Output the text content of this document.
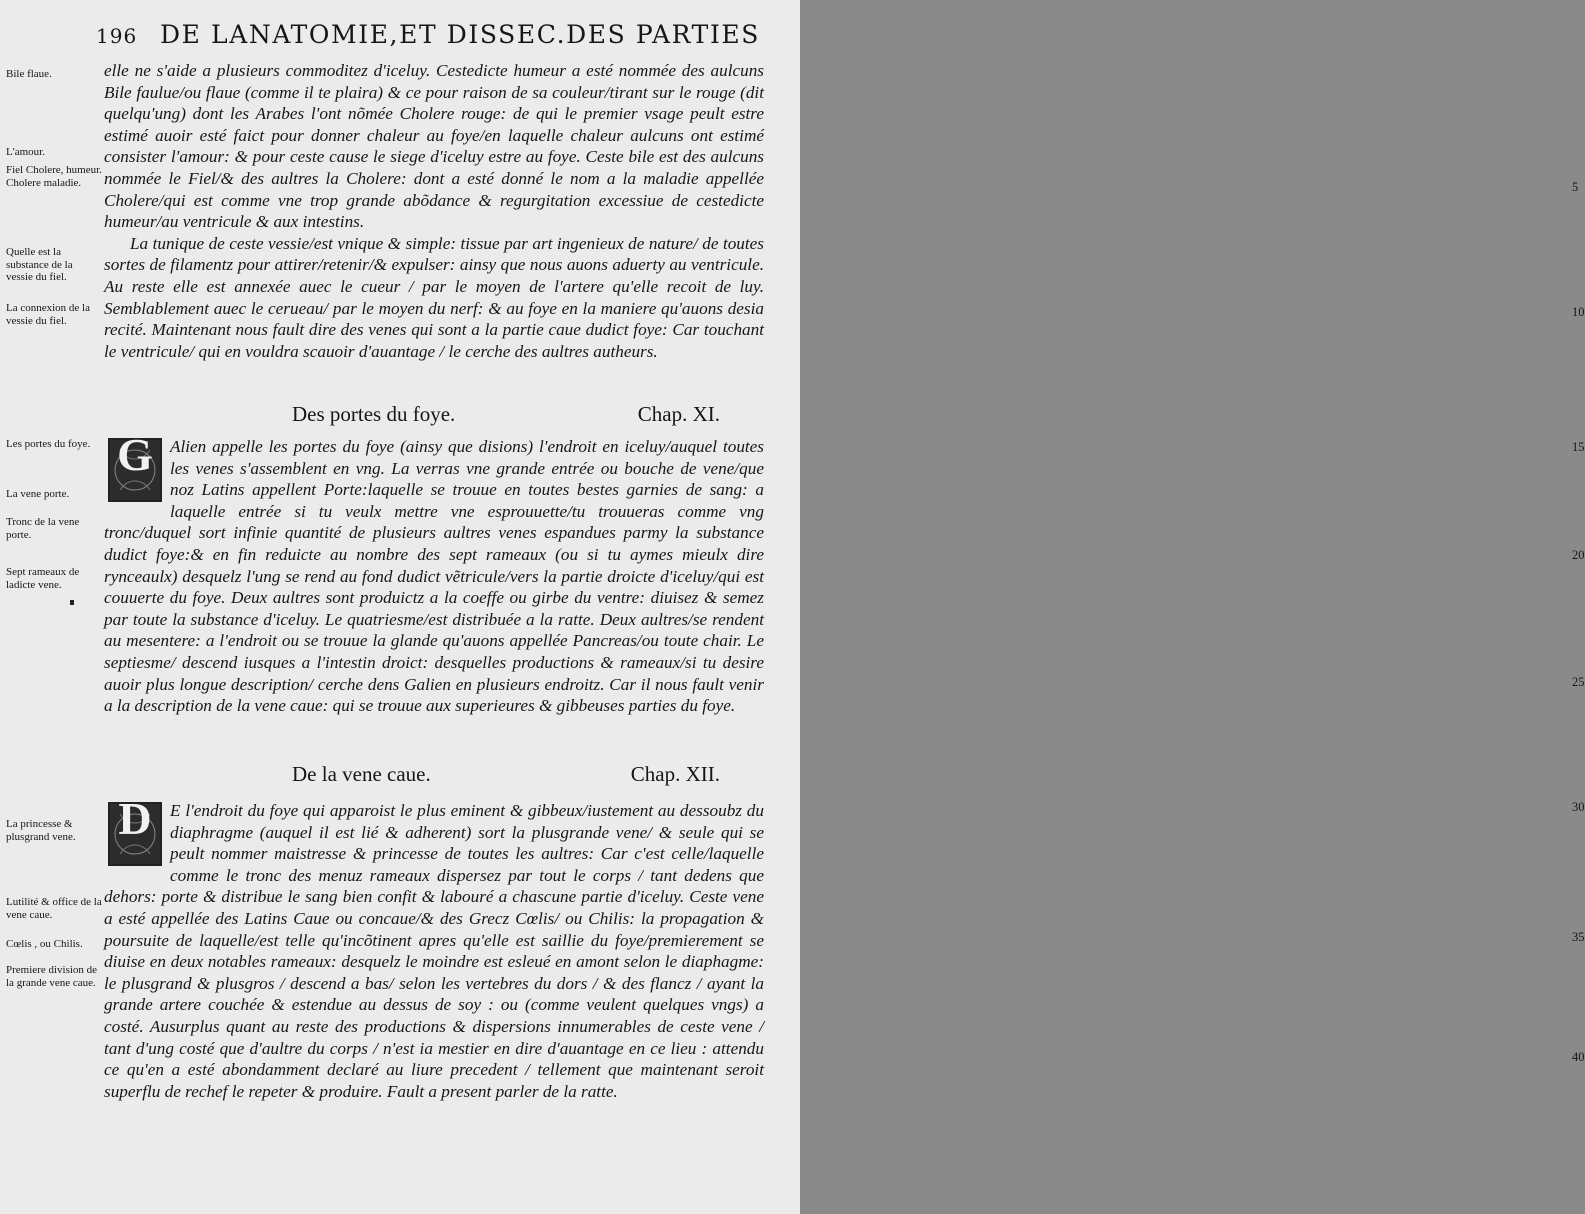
196 DE LANATOMIE,ET DISSEC.DES PARTIES
Bile flaue.
L'amour.
Fiel Cholere, humeur. Cholere maladie.
Quelle est la substance de la vessie du fiel.
La connexion de la vessie du fiel.
Les portes du foye.
La vene porte.
Tronc de la vene porte.
Sept rameaux de ladicte vene.
La princesse & plusgrand vene.
Lutilité & office de la vene caue.
Cœlis , ou Chilis.
Premiere division de la grande vene caue.
5
10
15
20
25
30
35
40

elle ne s'aide a plusieurs commoditez d'iceluy. Cestedicte humeur a esté nommée des aulcuns Bile faulue/ou flaue (comme il te plaira) & ce pour raison de sa couleur/tirant sur le rouge (dit quelqu'ung) dont les Arabes l'ont nõmée Cholere rouge: de qui le premier vsage peult estre estimé auoir esté faict pour donner chaleur au foye/en laquelle chaleur aulcuns ont estimé consister l'amour: & pour ceste cause le siege d'iceluy estre au foye. Ceste bile est des aulcuns nommée le Fiel/& des aultres la Cholere: dont a esté donné le nom a la maladie appellée Cholere/qui est comme vne trop grande abõdance & regurgitation excessiue de cestedicte humeur/au ventricule & aux intestins.

La tunique de ceste vessie/est vnique & simple: tissue par art ingenieux de nature/ de toutes sortes de filamentz pour attirer/retenir/& expulser: ainsy que nous auons aduerty au ventricule. Au reste elle est annexée auec le cueur / par le moyen de l'artere qu'elle recoit de luy. Semblablement auec le cerueau/ par le moyen du nerf: & au foye en la maniere qu'auons desia recité. Maintenant nous fault dire des venes qui sont a la partie caue dudict foye: Car touchant le ventricule/ qui en vouldra scauoir d'auantage / le cerche des aultres autheurs.

Des portes du foye.	Chap. XI.
G Alien appelle les portes du foye (ainsy que disions) l'endroit en iceluy/auquel toutes les venes s'assemblent en vng. La verras vne grande entrée ou bouche de vene/que noz Latins appellent Porte:laquelle se trouue en toutes bestes garnies de sang: a laquelle entrée si tu veulx mettre vne esprouuette/tu trouueras comme vng tronc/duquel sort infinie quantité de plusieurs aultres venes espandues parmy la substance dudict foye:& en fin reduicte au nombre des sept rameaux (ou si tu aymes mieulx dire rynceaulx) desquelz l'ung se rend au fond dudict vẽtricule/vers la partie droicte d'iceluy/qui est couuerte du foye. Deux aultres sont produictz a la coeffe ou girbe du ventre: diuisez & semez par toute la substance d'iceluy. Le quatriesme/est distribuée a la ratte. Deux aultres/se rendent au mesentere: a l'endroit ou se trouue la glande qu'auons appellée Pancreas/ou toute chair. Le septiesme/ descend iusques a l'intestin droict: desquelles productions & rameaux/si tu desire auoir plus longue description/ cerche dens Galien en plusieurs endroitz. Car il nous fault venir a la description de la vene caue: qui se trouue aux superieures & gibbeuses parties du foye.

De la vene caue.	Chap. XII.
D	E l'endroit du foye qui apparoist le plus eminent & gibbeux/iustement au dessoubz du diaphragme (auquel il est lié & adherent) sort la plusgrande vene/ & seule qui se peult nommer maistresse & princesse de toutes les aultres: Car c'est celle/laquelle comme le tronc des menuz rameaux dispersez par tout le corps / tant dedens que dehors: porte & distribue le sang bien confit & labouré a chascune partie d'iceluy. Ceste vene a esté appellée des Latins Caue ou concaue/& des Grecz Cœlis/ ou Chilis: la propagation & poursuite de laquelle/est telle qu'incõtinent apres qu'elle est saillie du foye/premierement se diuise en deux notables rameaux: desquelz le moindre est esleué en amont selon le diaphagme: le plusgrand & plusgros / descend a bas/ selon les vertebres du dors / & des flancz / ayant la grande artere couchée & estendue au dessus de soy : ou (comme veulent quelques vngs) a costé. Ausurplus quant au reste des productions & dispersions innumerables de ceste vene / tant d'ung costé que d'aultre du corps / n'est ia mestier en dire d'auantage en ce lieu : attendu ce qu'en a esté abondamment declaré au liure precedent / tellement que maintenant seroit superflu de rechef le repeter & produire. Fault a present parler de la ratte.
